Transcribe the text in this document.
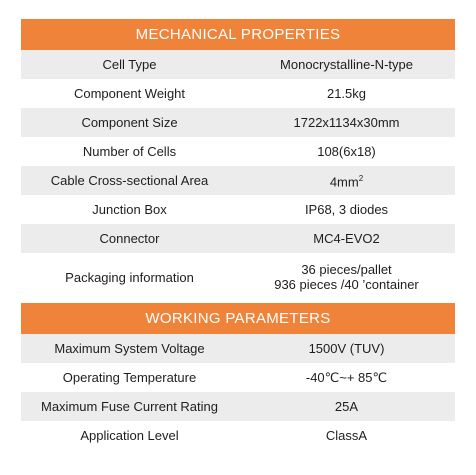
MECHANICAL PROPERTIES
Cell Type	Monocrystalline-N-type
Component Weight	21.5kg
Component Size	1722x1134x30mm
Number of Cells	108(6x18)
Cable Cross-sectional Area	$4mm^2$
Junction Box	IP68, 3 diodes
Connector	MC4-EVO2
Packaging information	36 pieces/pallet
936 pieces /40 ’container
WORKING PARAMETERS
Maximum System Voltage	1500V (TUV)
Operating Temperature	-40℃~+ 85℃
Maximum Fuse Current Rating	25A
Application Level	ClassA
